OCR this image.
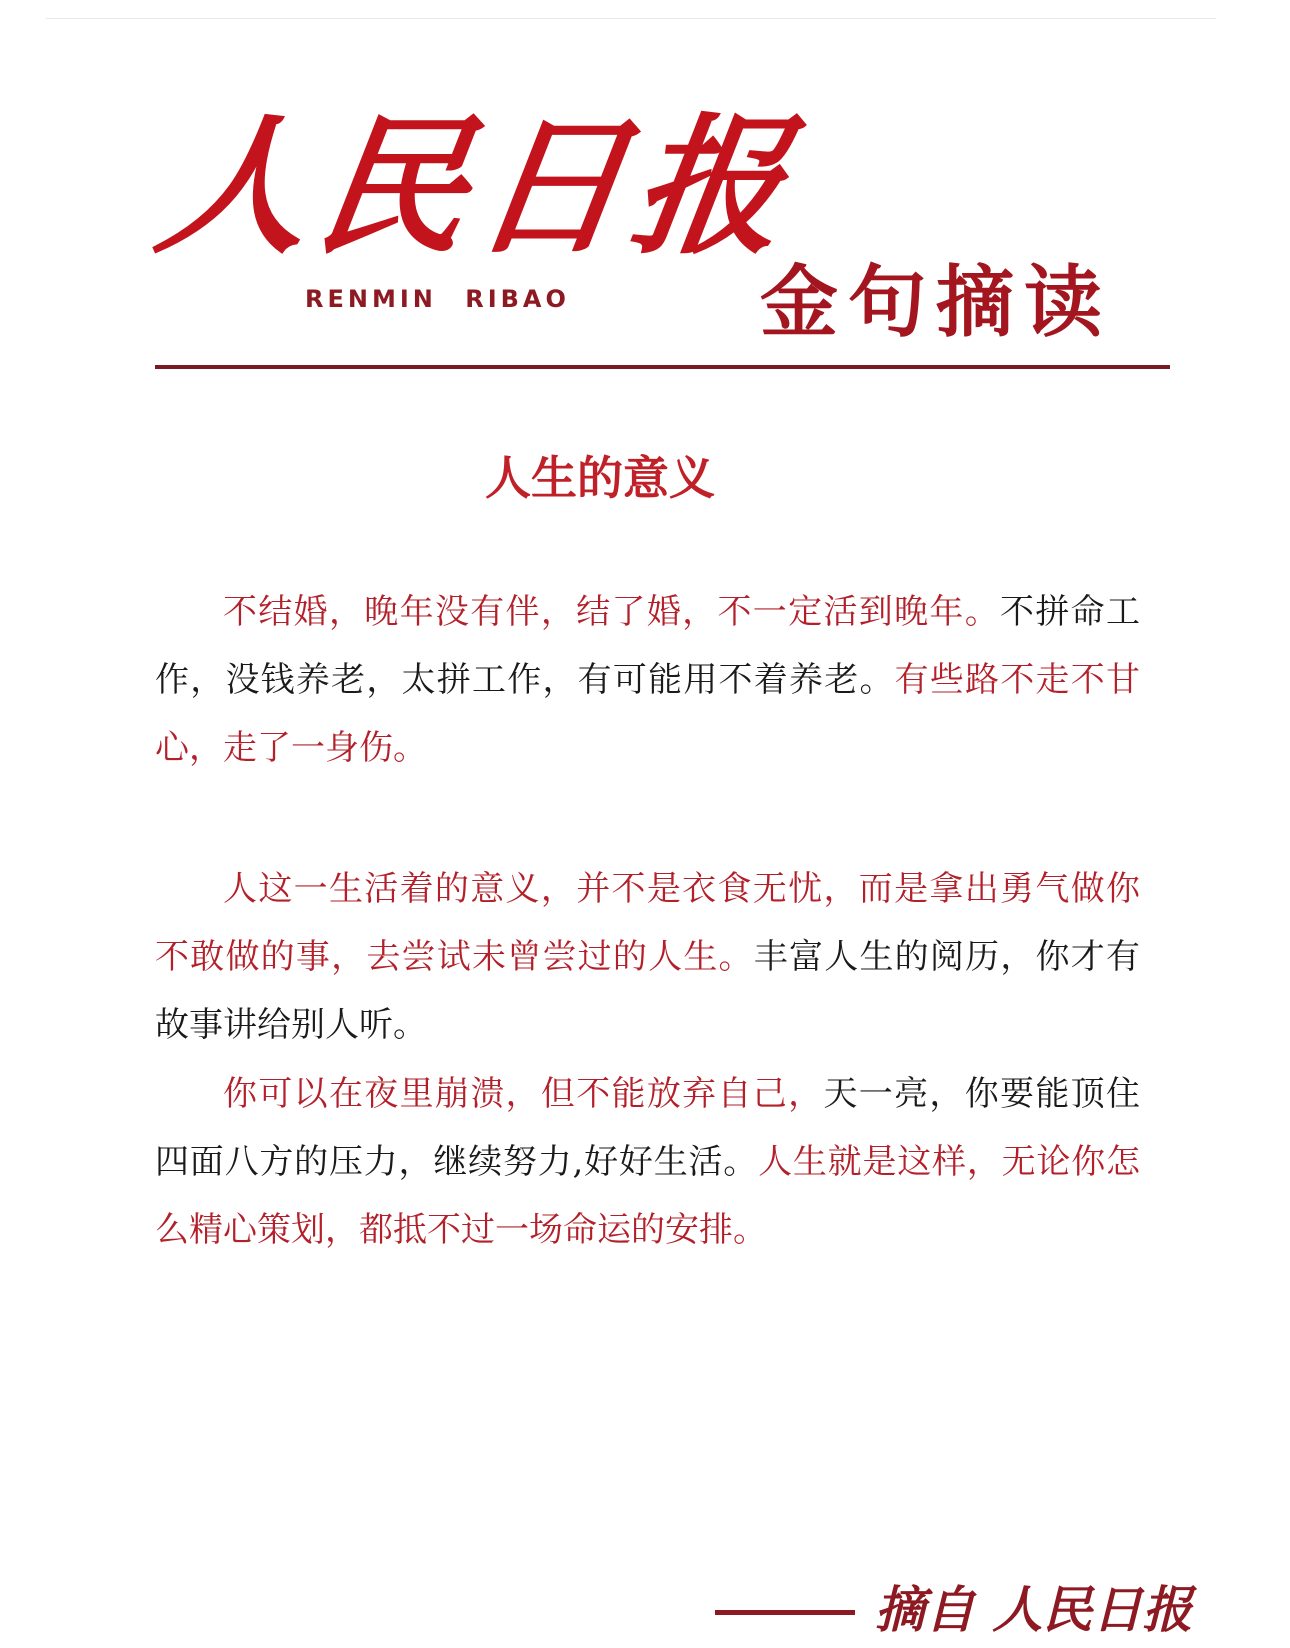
人民日报
RENMIN RIBAO	金句摘读
人生的意义
不结婚，晚年没有伴，结了婚，不一定活到晚年。不拼命工作，没钱养老，太拼工作，有可能用不着养老。有些路不走不甘心，走了一身伤。
人这一生活着的意义，并不是衣食无忧，而是拿出勇气做你不敢做的事，去尝试未曾尝过的人生。丰富人生的阅历，你才有故事讲给别人听。
你可以在夜里崩溃，但不能放弃自己，天一亮，你要能顶住四面八方的压力，继续努力,好好生活。人生就是这样，无论你怎么精心策划，都抵不过一场命运的安排。
摘自 人民日报
